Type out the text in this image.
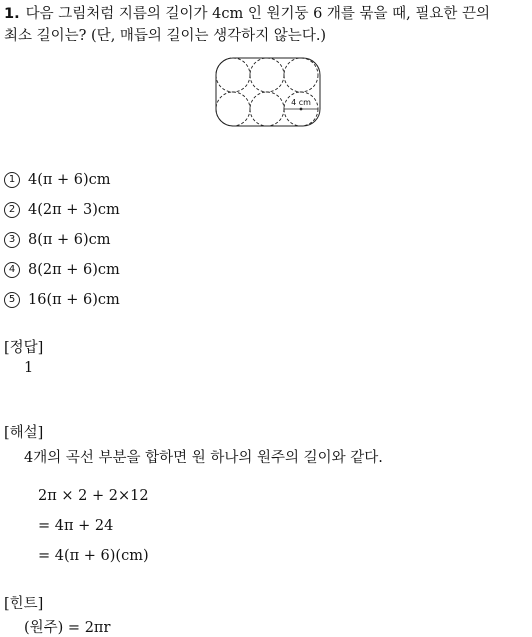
1. 다음 그림처럼 지름의 길이가 4cm 인 원기둥 6 개를 묶을 때, 필요한 끈의
최소 길이는? (단, 매듭의 길이는 생각하지 않는다.)
4 cm
1 4(π + 6)cm
2 4(2π + 3)cm
3 8(π + 6)cm
4 8(2π + 6)cm
5 16(π + 6)cm
[정답]
1
[해설]
4개의 곡선 부분을 합하면 원 하나의 원주의 길이와 같다.
2π × 2 + 2×12
= 4π + 24
= 4(π + 6)(cm)
[힌트]
(원주) = 2πr
